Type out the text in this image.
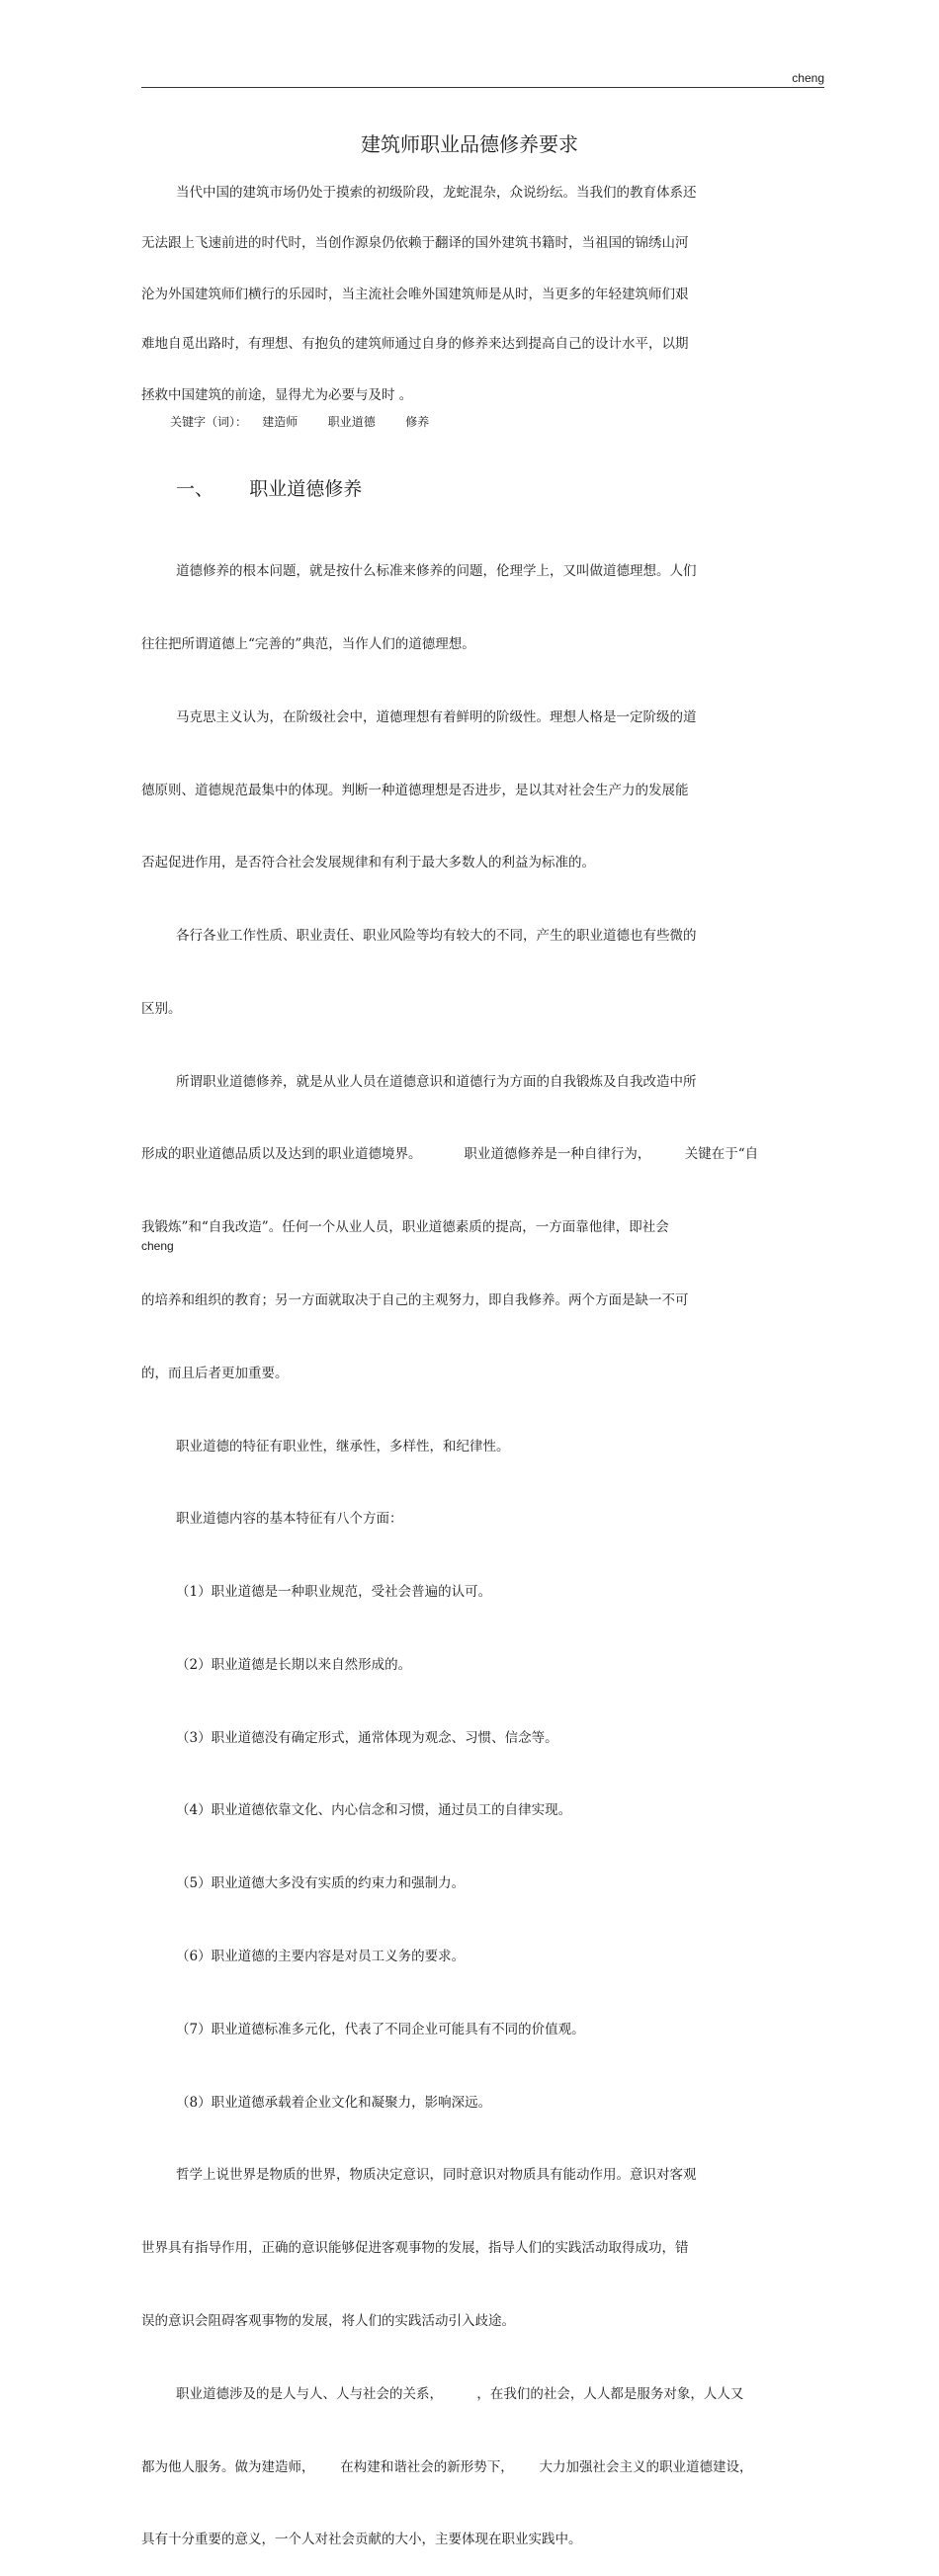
cheng
建筑师职业品德修养要求
当代中国的建筑市场仍处于摸索的初级阶段，龙蛇混杂，众说纷纭。当我们的教育体系还
无法跟上飞速前进的时代时，当创作源泉仍依赖于翻译的国外建筑书籍时，当祖国的锦绣山河
沦为外国建筑师们横行的乐园时，当主流社会唯外国建筑师是从时，当更多的年轻建筑师们艰
难地自觅出路时，有理想、有抱负的建筑师通过自身的修养来达到提高自己的设计水平，以期
拯救中国建筑的前途，显得尤为必要与及时 。
关键字（词）：    建造师        职业道德        修养
一、      职业道德修养

道德修养的根本问题，就是按什么标准来修养的问题，伦理学上，又叫做道德理想。人们

往往把所谓道德上“完善的”典范，当作人们的道德理想。

马克思主义认为，在阶级社会中，道德理想有着鲜明的阶级性。理想人格是一定阶级的道

德原则、道德规范最集中的体现。判断一种道德理想是否进步，是以其对社会生产力的发展能

否起促进作用，是否符合社会发展规律和有利于最大多数人的利益为标准的。

各行各业工作性质、职业责任、职业风险等均有较大的不同，产生的职业道德也有些微的

区别。

所谓职业道德修养，就是从业人员在道德意识和道德行为方面的自我锻炼及自我改造中所

形成的职业道德品质以及达到的职业道德境界。          职业道德修养是一种自律行为，        关键在于“自

我锻炼”和“自我改造”。任何一个从业人员，职业道德素质的提高，一方面靠他律，即社会

的培养和组织的教育；另一方面就取决于自己的主观努力，即自我修养。两个方面是缺一不可

的，而且后者更加重要。

职业道德的特征有职业性，继承性，多样性，和纪律性。

职业道德内容的基本特征有八个方面：

（1）职业道德是一种职业规范，受社会普遍的认可。

（2）职业道德是长期以来自然形成的。

（3）职业道德没有确定形式，通常体现为观念、习惯、信念等。

（4）职业道德依靠文化、内心信念和习惯，通过员工的自律实现。

（5）职业道德大多没有实质的约束力和强制力。

（6）职业道德的主要内容是对员工义务的要求。

（7）职业道德标准多元化，代表了不同企业可能具有不同的价值观。

（8）职业道德承载着企业文化和凝聚力，影响深远。

哲学上说世界是物质的世界，物质决定意识，同时意识对物质具有能动作用。意识对客观

世界具有指导作用，正确的意识能够促进客观事物的发展，指导人们的实践活动取得成功，错

误的意识会阻碍客观事物的发展，将人们的实践活动引入歧途。

职业道德涉及的是人与人、人与社会的关系，        ，在我们的社会，人人都是服务对象，人人又

都为他人服务。做为建造师，      在构建和谐社会的新形势下，      大力加强社会主义的职业道德建设，

具有十分重要的意义，一个人对社会贡献的大小，主要体现在职业实践中。

cheng
